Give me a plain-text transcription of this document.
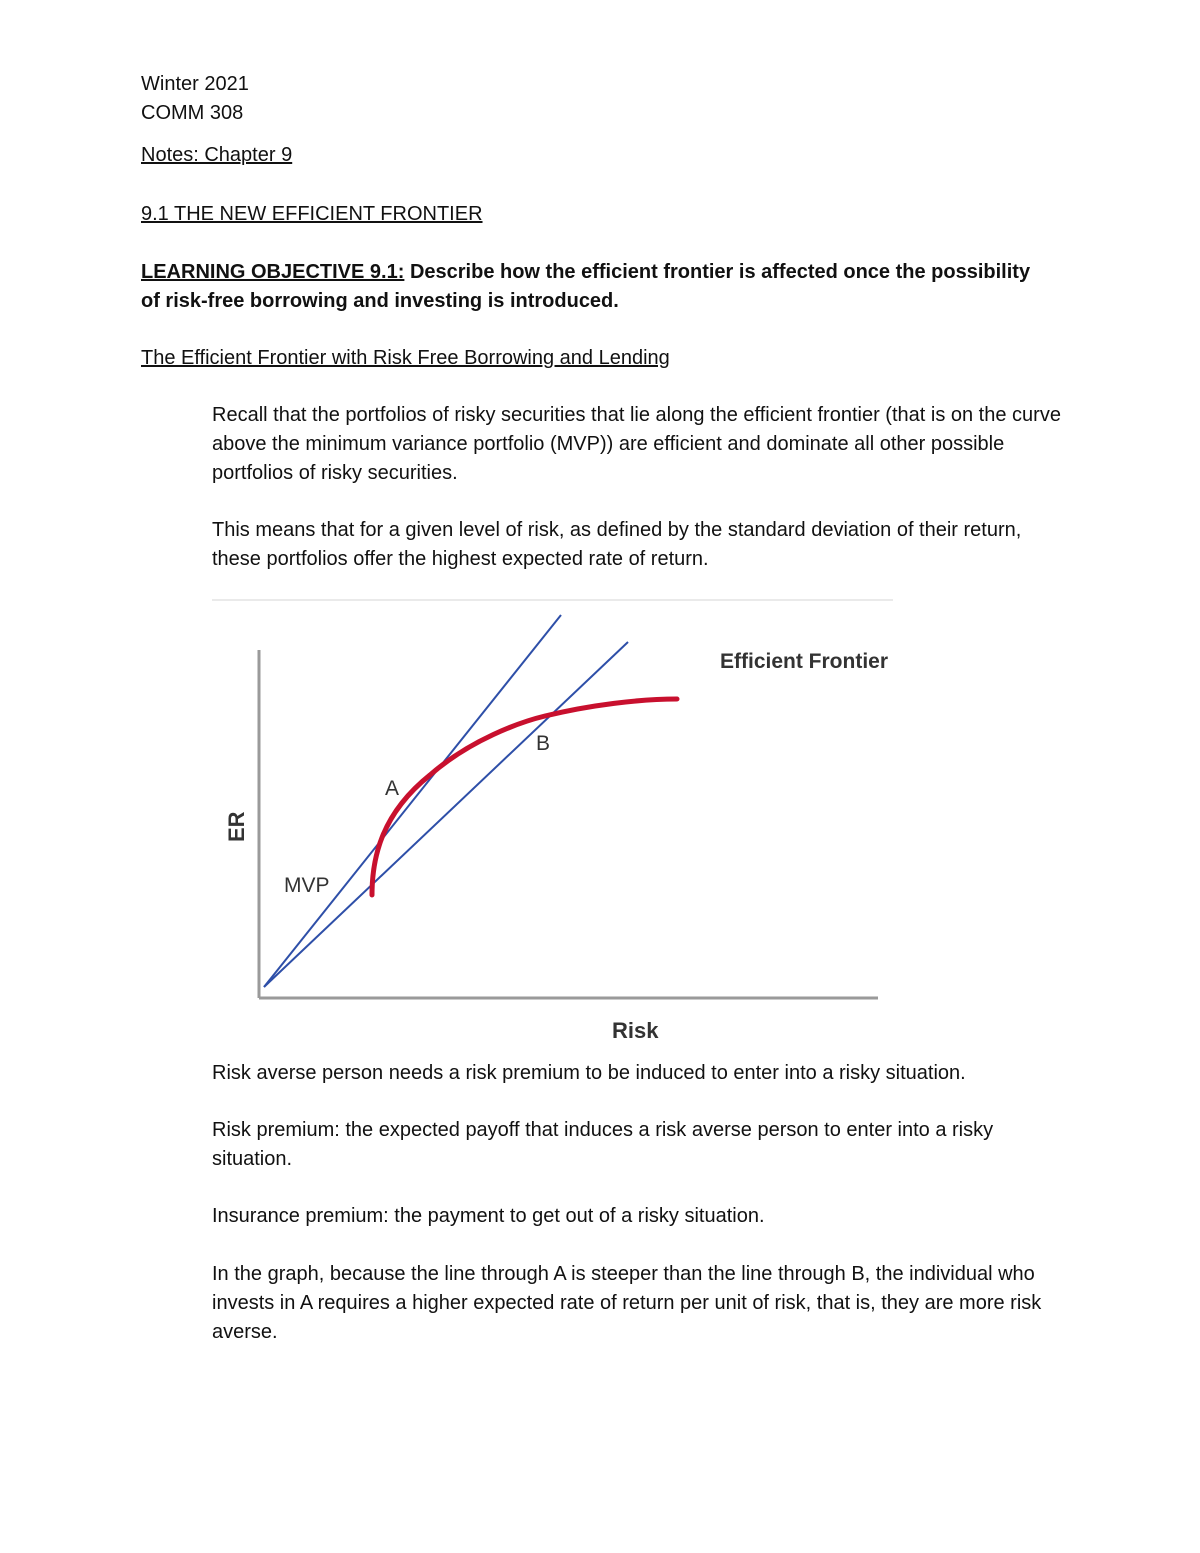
Winter 2021
COMM 308
Notes: Chapter 9
9.1 THE NEW EFFICIENT FRONTIER
LEARNING OBJECTIVE 9.1: Describe how the efficient frontier is affected once the possibility
of risk-free borrowing and investing is introduced.
The Efficient Frontier with Risk Free Borrowing and Lending
Recall that the portfolios of risky securities that lie along the efficient frontier (that is on the curve above the minimum variance portfolio (MVP)) are efficient and dominate all other possible portfolios of risky securities.
This means that for a given level of risk, as defined by the standard deviation of their return, these portfolios offer the highest expected rate of return.
Efficient Frontier
A
B
MVP
Risk
ER
Risk averse person needs a risk premium to be induced to enter into a risky situation.
Risk premium: the expected payoff that induces a risk averse person to enter into a risky situation.
Insurance premium: the payment to get out of a risky situation.
In the graph, because the line through A is steeper than the line through B, the individual who invests in A requires a higher expected rate of return per unit of risk, that is, they are more risk averse.
